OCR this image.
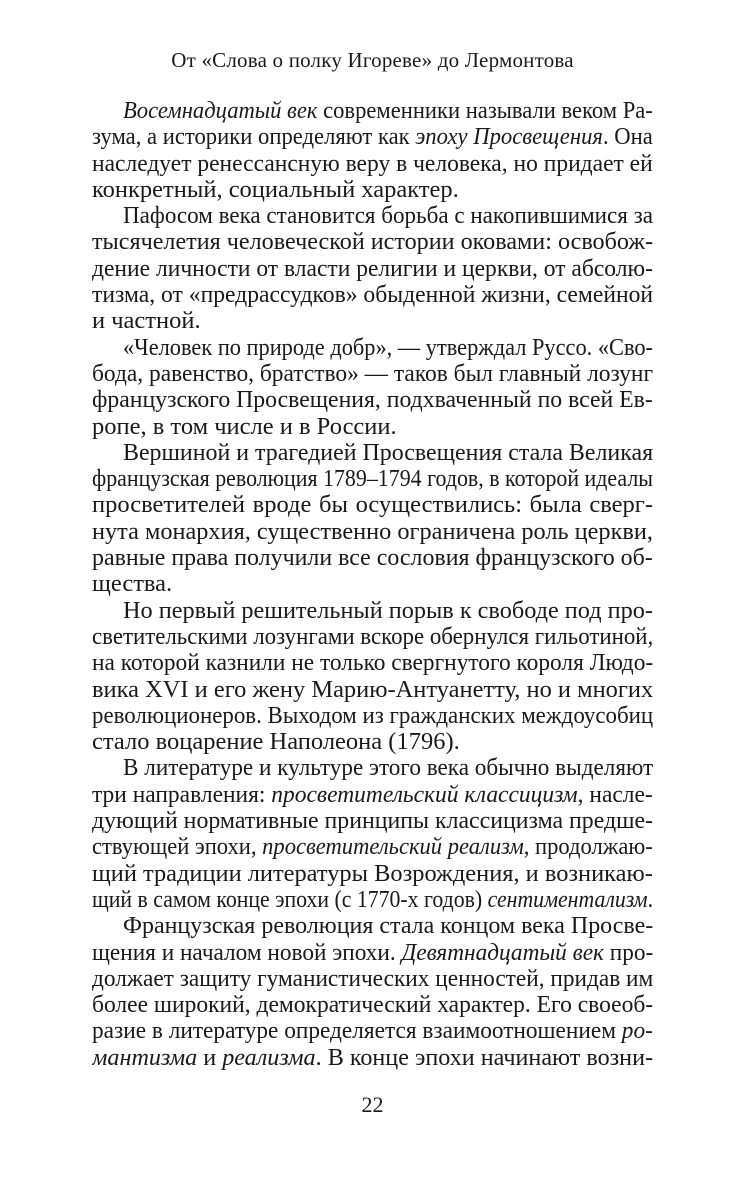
От «Слова о полку Игореве» до Лермонтова
Восемнадцатый век современники называли веком Ра-
зума, а историки определяют как эпоху Просвещения. Она
наследует ренессансную веру в человека, но придает ей
конкретный, социальный характер.
Пафосом века становится борьба с накопившимися за
тысячелетия человеческой истории оковами: освобож-
дение личности от власти религии и церкви, от абсолю-
тизма, от «предрассудков» обыденной жизни, семейной
и частной.
«Человек по природе добр», — утверждал Руссо. «Сво-
бода, равенство, братство» — таков был главный лозунг
французского Просвещения, подхваченный по всей Ев-
ропе, в том числе и в России.
Вершиной и трагедией Просвещения стала Великая
французская революция 1789–1794 годов, в которой идеалы
просветителей вроде бы осуществились: была сверг-
нута монархия, существенно ограничена роль церкви,
равные права получили все сословия французского об-
щества.
Но первый решительный порыв к свободе под про-
светительскими лозунгами вскоре обернулся гильотиной,
на которой казнили не только свергнутого короля Людо-
вика XVI и его жену Марию-Антуанетту, но и многих
революционеров. Выходом из гражданских междоусобиц
стало воцарение Наполеона (1796).
В литературе и культуре этого века обычно выделяют
три направления: просветительский классицизм, насле-
дующий нормативные принципы классицизма предше-
ствующей эпохи, просветительский реализм, продолжаю-
щий традиции литературы Возрождения, и возникаю-
щий в самом конце эпохи (с 1770-х годов) сентиментализм.
Французская революция стала концом века Просве-
щения и началом новой эпохи. Девятнадцатый век про-
должает защиту гуманистических ценностей, придав им
более широкий, демократический характер. Его своеоб-
разие в литературе определяется взаимоотношением ро-
мантизма и реализма. В конце эпохи начинают возни-
22
